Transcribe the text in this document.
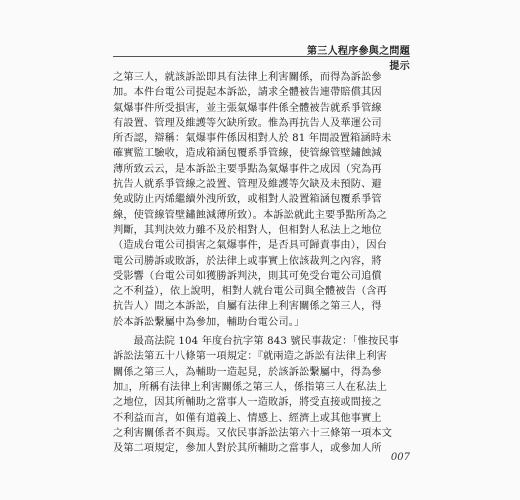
第三人程序參與之問題提示
之第三人，就該訴訟即具有法律上利害關係，而得為訴訟參
加。本件台電公司提起本訴訟，請求全體被告連帶賠償其因
氣爆事件所受損害，並主張氣爆事件係全體被告就系爭管線
有設置、管理及維護等欠缺所致。惟為再抗告人及華運公司
所否認，辯稱：氣爆事件係因相對人於 81 年間設置箱涵時未
確實監工驗收，造成箱涵包覆系爭管線，使管線管壁鏽蝕減
薄所致云云，是本訴訟主要爭點為氣爆事件之成因（究為再
抗告人就系爭管線之設置、管理及維護等欠缺及未預防、避
免或防止丙烯繼續外洩所致，或相對人設置箱涵包覆系爭管
線，使管線管壁鏽蝕減薄所致）。本訴訟就此主要爭點所為之
判斷，其判決效力雖不及於相對人，但相對人私法上之地位
（造成台電公司損害之氣爆事件，是否具可歸責事由），因台
電公司勝訴或敗訴，於法律上或事實上依該裁判之內容，將
受影響（台電公司如獲勝訴判決，則其可免受台電公司追償
之不利益），依上說明，相對人就台電公司與全體被告（含再
抗告人）間之本訴訟，自屬有法律上利害關係之第三人，得
於本訴訟繫屬中為參加，輔助台電公司。」
　　最高法院 104 年度台抗字第 843 號民事裁定：「惟按民事
訴訟法第五十八條第一項規定：『就兩造之訴訟有法律上利害
關係之第三人，為輔助一造起見，於該訴訟繫屬中，得為參
加』，所稱有法律上利害關係之第三人，係指第三人在私法上
之地位，因其所輔助之當事人一造敗訴，將受直接或間接之
不利益而言，如僅有道義上、情感上、經濟上或其他事實上
之利害關係者不與焉。又依民事訴訟法第六十三條第一項本文
及第二項規定，參加人對於其所輔助之當事人，或參加人所
007
